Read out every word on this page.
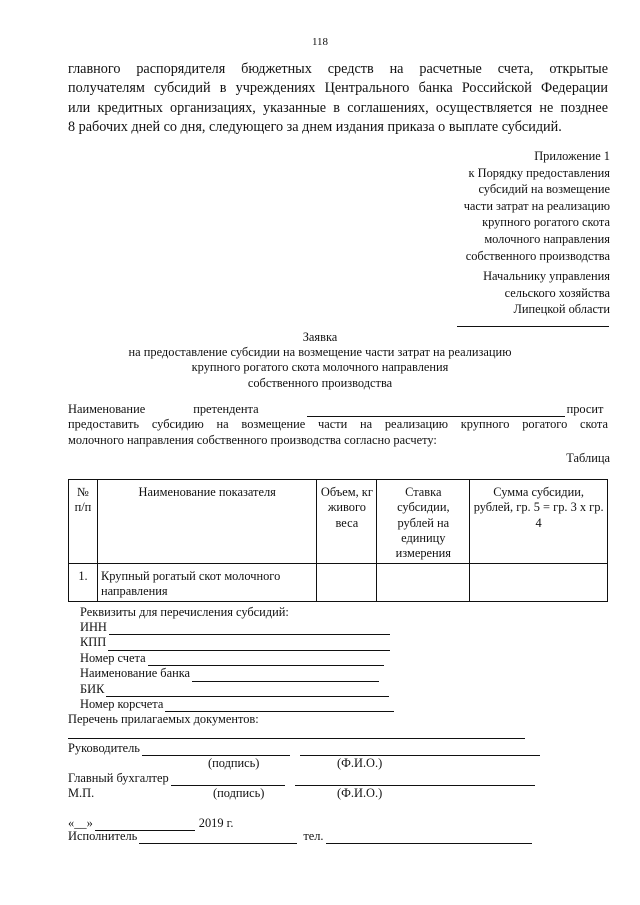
118
главного распорядителя бюджетных средств на расчетные счета, открытые
получателям субсидий в учреждениях Центрального банка Российской Федерации
или кредитных организациях, указанные в соглашениях, осуществляется не позднее
8 рабочих дней со дня, следующего за днем издания приказа о выплате субсидий.
Приложение 1
к Порядку предоставления
субсидий на возмещение
части затрат на реализацию
крупного рогатого скота
молочного направления
собственного производства
Начальнику управления
сельского хозяйства
Липецкой области
Заявка
на предоставление субсидии на возмещение части затрат на реализацию
крупного рогатого скота молочного направления
собственного производства
Наименование	претендента	просит
предоставить субсидию на возмещение части на реализацию крупного рогатого скота
молочного направления собственного производства согласно расчету:
Таблица
№ п/п	Наименование показателя	Объем, кг живого веса	Ставка субсидии, рублей на единицу измерения	Сумма субсидии, рублей, гр. 5 = гр. 3 х гр. 4
1.	Крупный рогатый скот молочного направления			
Реквизиты для перечисления субсидий:
ИНН
КПП
Номер счета
Наименование банка
БИК
Номер корсчета
Перечень прилагаемых документов:
Руководитель
(подпись)	(Ф.И.О.)
Главный бухгалтер
М.П.	(подпись)	(Ф.И.О.)
«__»	2019 г.
Исполнитель	тел.
